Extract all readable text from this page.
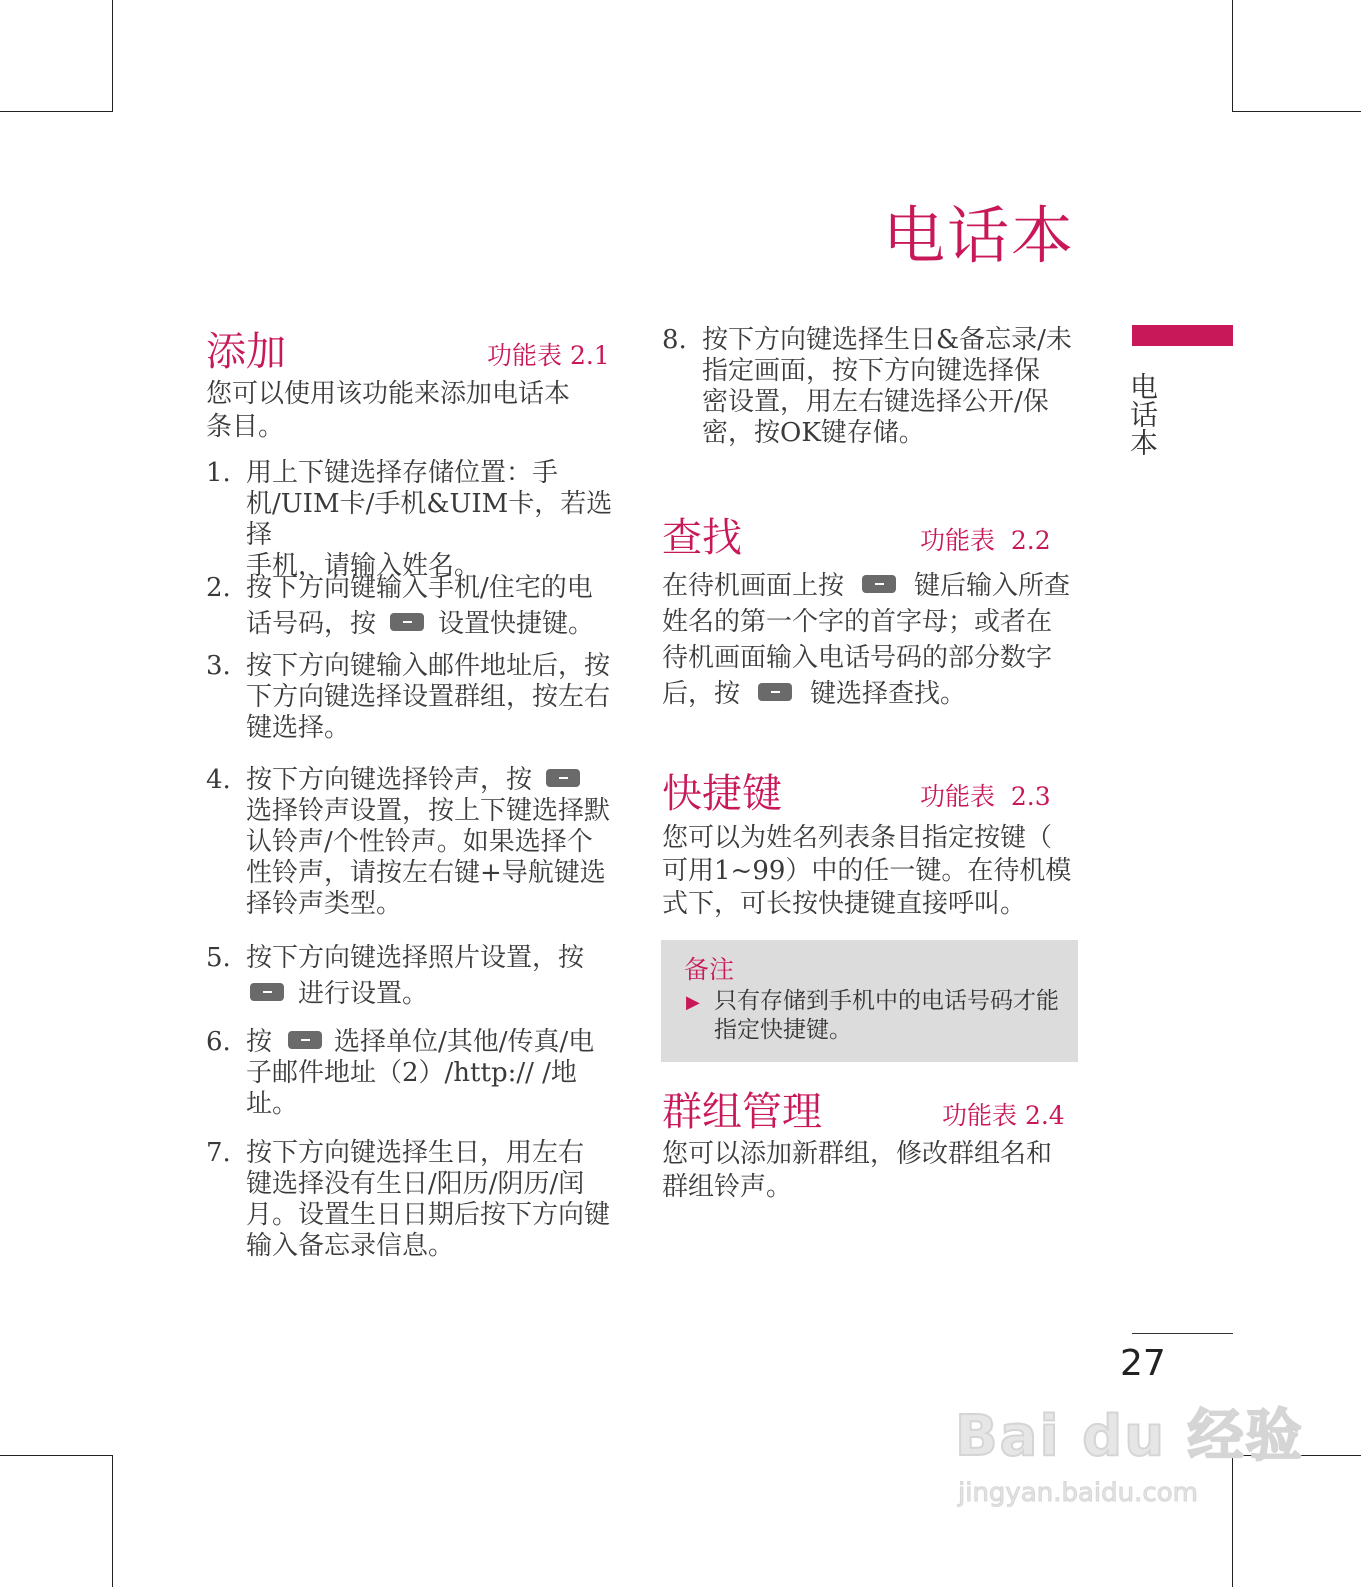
电话本
电话本
添加	功能表 2.1
您可以使用该功能来添加电话本
条目。
1. 用上下键选择存储位置：手
机/UIM卡/手机&UIM卡，若选择
手机，请输入姓名。
2. 按下方向键输入手机/住宅的电
话号码，按 设置快捷键。
3. 按下方向键输入邮件地址后，按
下方向键选择设置群组，按左右
键选择。
4. 按下方向键选择铃声，按
选择铃声设置，按上下键选择默
认铃声/个性铃声。如果选择个
性铃声，请按左右键+导航键选
择铃声类型。
5. 按下方向键选择照片设置，按
进行设置。
6. 按 选择单位/其他/传真/电
子邮件地址（2）/http:// /地
址。
7. 按下方向键选择生日，用左右
键选择没有生日/阳历/阴历/闰
月。设置生日日期后按下方向键
输入备忘录信息。
8. 按下方向键选择生日&备忘录/未
指定画面，按下方向键选择保
密设置，用左右键选择公开/保
密，按OK键存储。
查找	功能表  2.2
在待机画面上按	键后输入所查
姓名的第一个字的首字母；或者在
待机画面输入电话号码的部分数字
后，按	键选择查找。
快捷键	功能表  2.3
您可以为姓名列表条目指定按键（
可用1~99）中的任一键。在待机模
式下，可长按快捷键直接呼叫。
备注
▶ 只有存储到手机中的电话号码才能
指定快捷键。
群组管理	功能表 2.4
您可以添加新群组，修改群组名和
群组铃声。
27
Bai du 经验
jingyan.baidu.com
